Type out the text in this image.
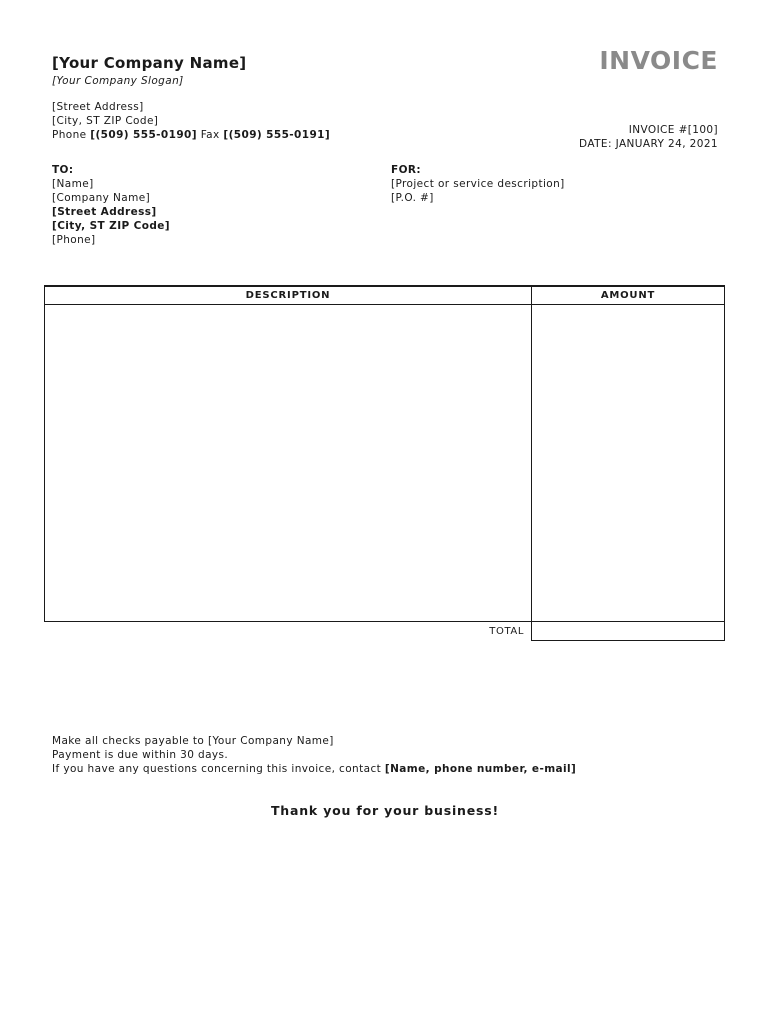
[Your Company Name]
[Your Company Slogan]
INVOICE
[Street Address]
[City, ST ZIP Code]
Phone [(509) 555-0190] Fax [(509) 555-0191]	INVOICE #[100]
DATE: JANUARY 24, 2021
TO:
[Name]
[Company Name]
[Street Address]
[City, ST ZIP Code]
[Phone]
FOR:
[Project or service description]
[P.O. #]
DESCRIPTION	AMOUNT

TOTAL	
Make all checks payable to [Your Company Name]
Payment is due within 30 days.
If you have any questions concerning this invoice, contact [Name, phone number, e-mail]
Thank you for your business!
